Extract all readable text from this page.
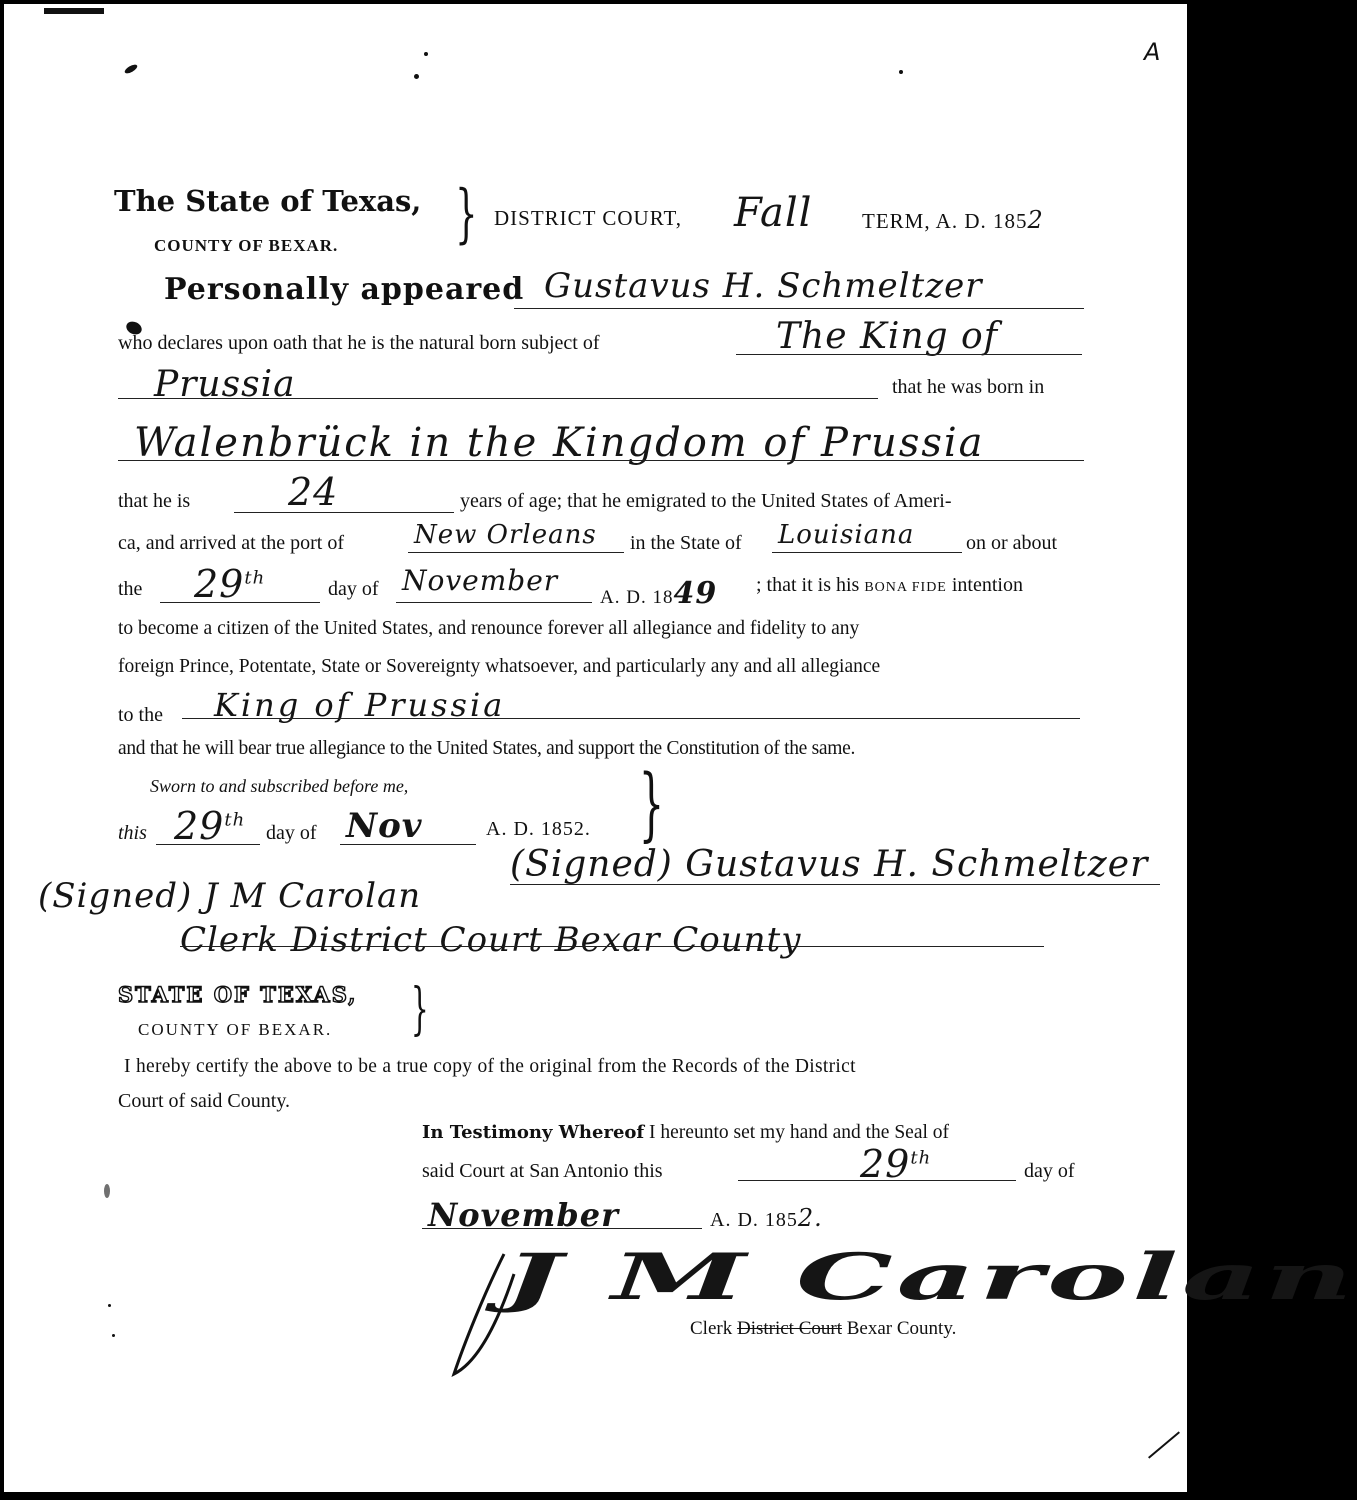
A
The State of Texas,
COUNTY OF BEXAR. } DISTRICT COURT, Fall TERM, A. D. 1852
Personally appeared Gustavus H. Schmeltzer
who declares upon oath that he is the natural born subject of	The King of
Prussia	that he was born in
Walenbrück in the Kingdom of Prussia
that he is	24	years of age; that he emigrated to the United States of Ameri-
ca, and arrived at the port of	New Orleans in the State of Louisiana	on or about
the 29th
day of November
A. D. 1849 ; that it is his BONA FIDE intention
to become a citizen of the United States, and renounce forever all allegiance and fidelity to any
foreign Prince, Potentate, State or Sovereignty whatsoever, and particularly any and all allegiance
to the King of Prussia
and that he will bear true allegiance to the United States, and support the Constitution of the same.
Sworn to and subscribed before me,	}
this 29th
day of Nov	A. D. 1852.
(Signed) Gustavus H. Schmeltzer
(Signed) J M Carolan
Clerk District Court Bexar County
STATE OF TEXAS,
COUNTY OF BEXAR. }
I hereby certify the above to be a true copy of the original from the Records of the District
Court of said County.
In Testimony Whereof I hereunto set my hand and the Seal of
said Court at San Antonio this	29th
day of
November	A. D. 1852.
J M Carolan
Clerk District Court Bexar County.
